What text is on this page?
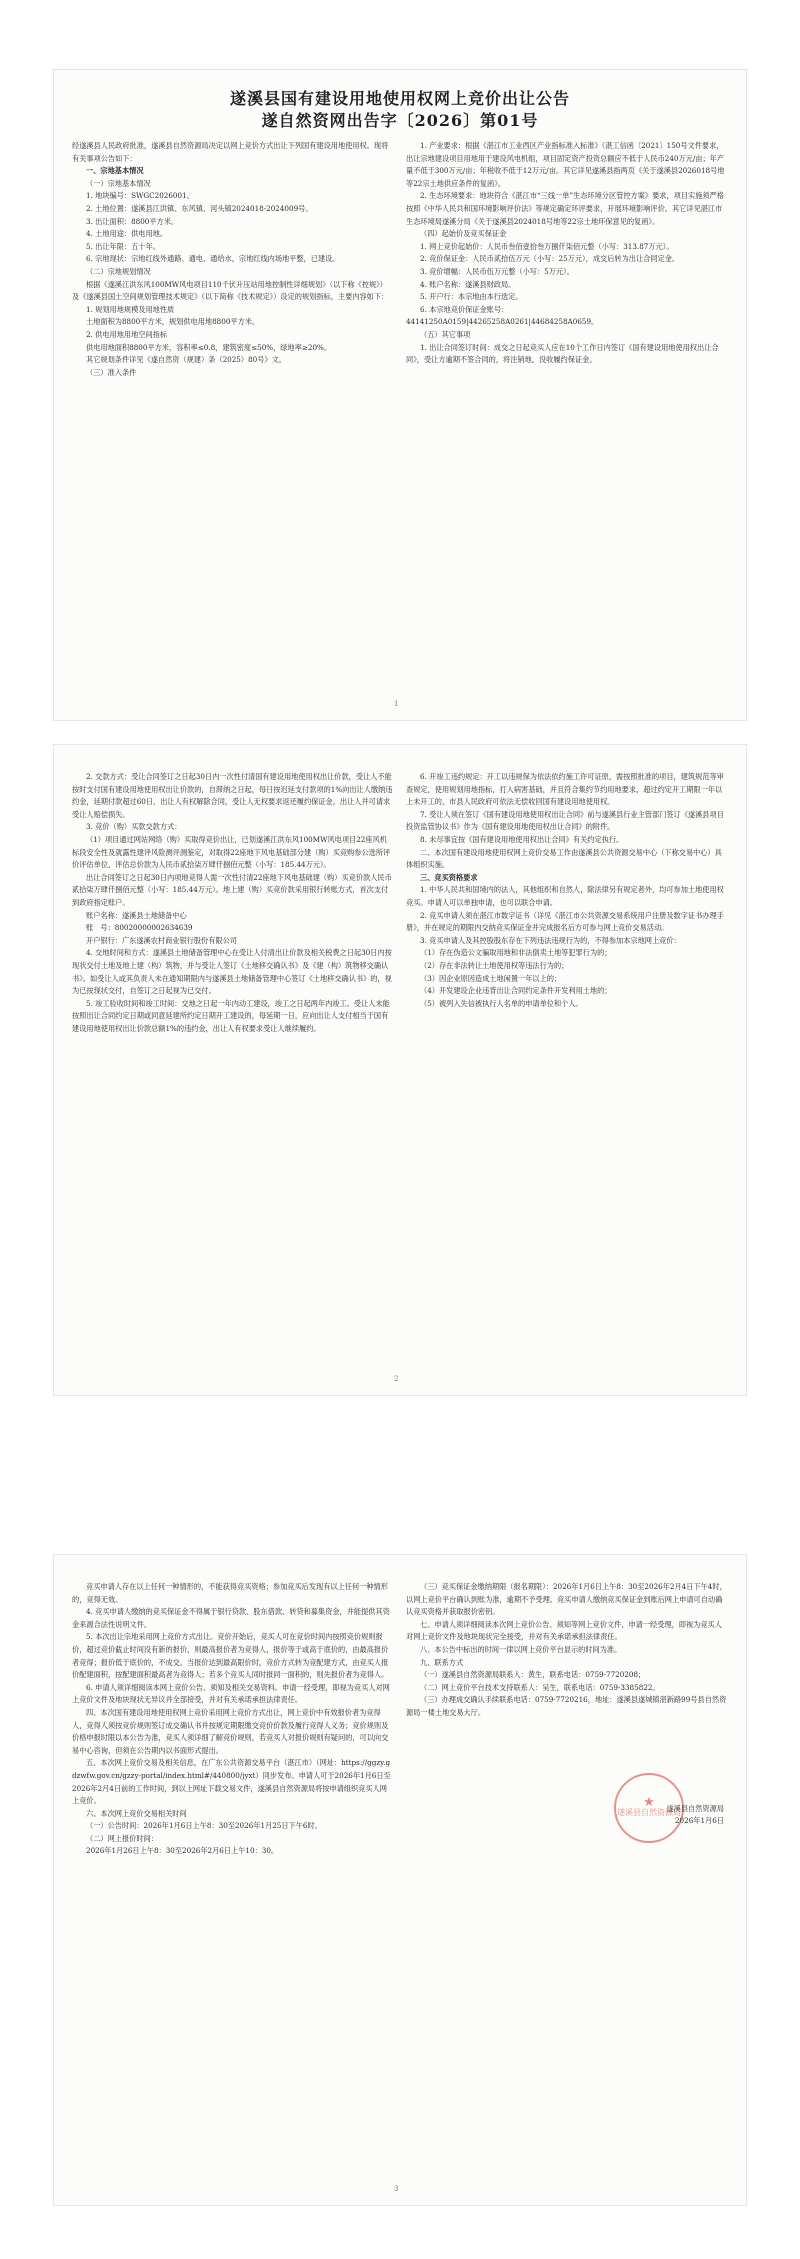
遂溪县国有建设用地使用权网上竞价出让公告
遂自然资网出告字〔2026〕第01号

经遂溪县人民政府批准，遂溪县自然资源局决定以网上竞价方式出让下列国有建设用地使用权。现将有关事项公告如下：

一、宗地基本情况

（一）宗地基本情况

1. 地块编号：SWGC2026001。

2. 土地位置：遂溪县江洪镇、东风镇、河头镇2024018-2024009号。

3. 出让面积：8800平方米。

4. 土地用途：供电用地。

5. 出让年限：五十年。

6. 宗地现状：宗地红线外通路、通电、通给水，宗地红线内场地平整，已建设。

（二）宗地规划情况

根据《遂溪江洪东风100MW风电项目110千伏升压站用地控制性详细规划》（以下称《控规》）及《遂溪县国土空间规划管理技术规定》（以下简称《技术规定》）设定的规划指标，主要内容如下：

1. 规划用地规模及用地性质

土地面积为8800平方米，规划供电用地8800平方米。

2. 供电用地用地空间指标

供电用地面积8800平方米，容积率≤0.8，建筑密度≤50%，绿地率≥20%。

其它规划条件详见《遂自然资（规建）条（2025）80号》文。

（三）准入条件

1. 产业要求：根据《湛江市工业西区产业指标准入标准》（湛工信函〔2021〕150号文件要求，出让宗地建设项目用地用于建设风电机组，项目固定资产投资总额应不低于人民币240万元/亩；年产量不低于300万元/亩；年税收不低于12万元/亩。其它详见遂溪县指两页《关于遂溪县2026018号地等22宗土地供应条件的复函》。

2. 生态环境要求：地块符合《湛江市“三线一单”生态环境分区管控方案》要求，项目实施须严格按照《中华人民共和国环境影响评价法》等规定确定环评要求，开展环境影响评价。其它详见湛江市生态环境局遂溪分局《关于遂溪县2024018号地等22宗土地环保意见的复函》。

（四）起始价及竞买保证金

1. 网上竞价起始价：人民币叁佰壹拾叁万捌仟柒佰元整（小写：313.87万元）。

2. 竞价保证金：人民币贰拾伍万元（小写：25万元），成交后转为出让合同定金。

3. 竞价增幅：人民币伍万元整（小写：5万元）。

4. 账户名称：遂溪县财政局。

5. 开户行：本宗地由本行选定。

6. 本宗地竞价保证金账号：

44141250A0159|44265258A0261|44684258A0659。

（五）其它事项

1. 出让合同签订时间：成交之日起竞买人应在10个工作日内签订《国有建设用地使用权出让合同》，受让方逾期不签合同的，将注销地，没收履约保证金。

1

2. 交款方式：受让合同签订之日起30日内一次性付清国有建设用地使用权出让价款，受让人不能按时支付国有建设用地使用权出让价款的，自滞纳之日起，每日按迟延支付款项的1%向出让人缴纳违约金，延期付款超过60日，出让人有权解除合同，受让人无权要求返还履约保证金，出让人并可请求受让人赔偿损失。

3. 竞价（购）买款交款方式：

（1）项目通过网站网络（购）买取得竞价出让，已划遂溪江洪东风100MW风电项目22座风机标段安全性及就露性建评风险测评测鉴定，对取得22座地下风电基础部分建（购）买竞购参公选所评价评估单位，评估总价款为人民币贰拾柒万肆仟捌佰元整（小写：185.44万元）。

出让合同签订之日起30日内项地竞得人需一次性付清22座地下风电基础建（购）买竞价款人民币贰拾柒万肆仟捌佰元整（小写：185.44万元）。地上建（购）买竞价款采用银行转账方式，首次支付到政府指定账户。

账户名称：遂溪县土地储备中心

账　号：80020000002634639

开户银行：广东遂溪农村商业银行股份有限公司

4. 交地时间和方式：遂溪县土地储备管理中心在受让人付清出让价款及相关税费之日起30日内按现状交付土地及地上建（构）筑物，并与受让人签订《土地移交确认书》及《建（构）筑物移交确认书》。如受让人或其负责人未在通知期限内与遂溪县土地储备管理中心签订《土地移交确认书》的，视为已按现状交付，自签订之日起视为已交付。

5. 竣工验收时间和竣工时间：交地之日起一年内动工建设，竣工之日起两年内竣工。受让人未能按照出让合同约定日期或同意延建所约定日期开工建设的，每延期一日，应向出让人支付相当于国有建设用地使用权出让价款总额1%的违约金，出让人有权要求受让人继续履约。

6. 开竣工违约规定：开工以违规保为依法依约施工许可证原，需按照批准的项目，建筑规范等审查规定，使用规划用地指标，打入病害基础，并且符合集约节约用地要求，超过约定开工期限一年以上未开工的，市县人民政府可依法无偿收回国有建设用地使用权。

7. 受让人须在签订《国有建设用地使用权出让合同》前与遂溪县行业主管部门签订《遂溪县项目投资监管协议书》作为《国有建设用地使用权出让合同》的附件。

8. 未尽事宜按《国有建设用地使用权出让合同》有关约定执行。

二、本次国有建设用地使用权网上竞价交易工作由遂溪县公共资源交易中心（下称交易中心）具体组织实施。

三、竞买资格要求

1. 中华人民共和国境内的法人，其他组织和自然人，除法律另有规定者外，均可参加土地使用权竞买。申请人可以单独申请，也可以联合申请。

2. 竞买申请人须在湛江市数字证书（详见《湛江市公共资源交易系统用户注册及数字证书办理手册》，并在规定的期限内交纳竞买保证金并完成报名后方可参与网上竞价交易活动。

3. 竞买申请人及其控股股东存在下列违法违规行为的，不得参加本宗地网上竞价：

（1）存在伪造公文骗取用地和非法倒卖土地等犯罪行为的；

（2）存在非法转让土地使用权等违法行为的；

（3）因企业原因造成土地闲置一年以上的；

（4）开发建设企业违背出让合同约定条件开发利用土地的；

（5）被列入失信被执行人名单的申请单位和个人。

2

竞买申请人存在以上任何一种情形的，不能获得竞买资格；参加竞买后发现有以上任何一种情形的，竞得无效。

4. 竞买申请人缴纳的竞买保证金不得属于银行贷款、股东借款、转贷和募集资金，并能提供其资金来源合法性说明文件。

5. 本次出让宗地采用网上竞价方式出让。竞价开始后，竞买人可在竞价时间内按照竞价规则报价，超过竞价截止时间没有新的报价，则最高报价者为竞得人，报价等于或高于底价的，由最高报价者竞得；报价低于底价的，不成交。当报价达到最高限价时，竞价方式转为竞配建方式，由竞买人报价配建面积，按配建面积最高者为竞得人；若多个竞买人同时报同一面积的，则先报价者为竞得人。

6. 申请人须详细阅读本网上竞价公告、须知及相关交易资料。申请一经受理，即视为竞买人对网上竞价文件及地块现状无异议并全部接受，并对有关承诺承担法律责任。

四、本次国有建设用地使用权网上竞价采用网上竞价方式出让，网上竞价中有效报价者为竞得人，竞得人须按竞价规则签订成交确认书并按规定期限缴交竞价价款及履行竞得人义务；竞价规则及价格申报时限以本公告为准，竞买人须详细了解竞价规则，若竞买人对报价规则有疑问的，可以向交易中心咨询，但须在公告期内以书面形式提出。

五、本次网上竞价交易及相关信息，在广东公共资源交易平台（湛江市）（网址：https://ggzy.gdzwfw.gov.cn/gzzy-portal/index.html#/440800/jyxt）同步发布。申请人可于2026年1月6日至2026年2月4日前的工作时间，到以上网址下载交易文件，遂溪县自然资源局将按申请组织竞买人网上竞价。

六、本次网上竞价交易相关时间

（一）公告时间：2026年1月6日上午8：30至2026年1月25日下午6时。

（二）网上报价时间：

2026年1月26日上午8：30至2026年2月6日上午10：30。

（三）竞买保证金缴纳期限（报名期限）：2026年1月6日上午8：30至2026年2月4日下午4时，以网上竞价平台确认到账为准，逾期不予受理。竞买申请人缴纳竞买保证金到账后网上申请可自动确认竞买资格并获取报价密钥。

七、申请人须详细阅读本次网上竞价公告、须知等网上竞价文件，申请一经受理，即视为竞买人对网上竞价文件及地块现状完全接受，并对有关承诺承担法律责任。

八、本公告中标出的时间一律以网上竞价平台显示的时间为准。

九、联系方式

（一）遂溪县自然资源局联系人：黄生，联系电话：0759-7720208；

（二）网上竞价平台技术支持联系人：吴生，联系电话：0759-3385822。

（三）办理成交确认手续联系电话：0759-7720216，地址：遂溪县遂城镇湛新路99号县自然资源局一楼土地交易大厅。

★
遂溪县自然资源局
遂溪县自然资源局
2026年1月6日
3
